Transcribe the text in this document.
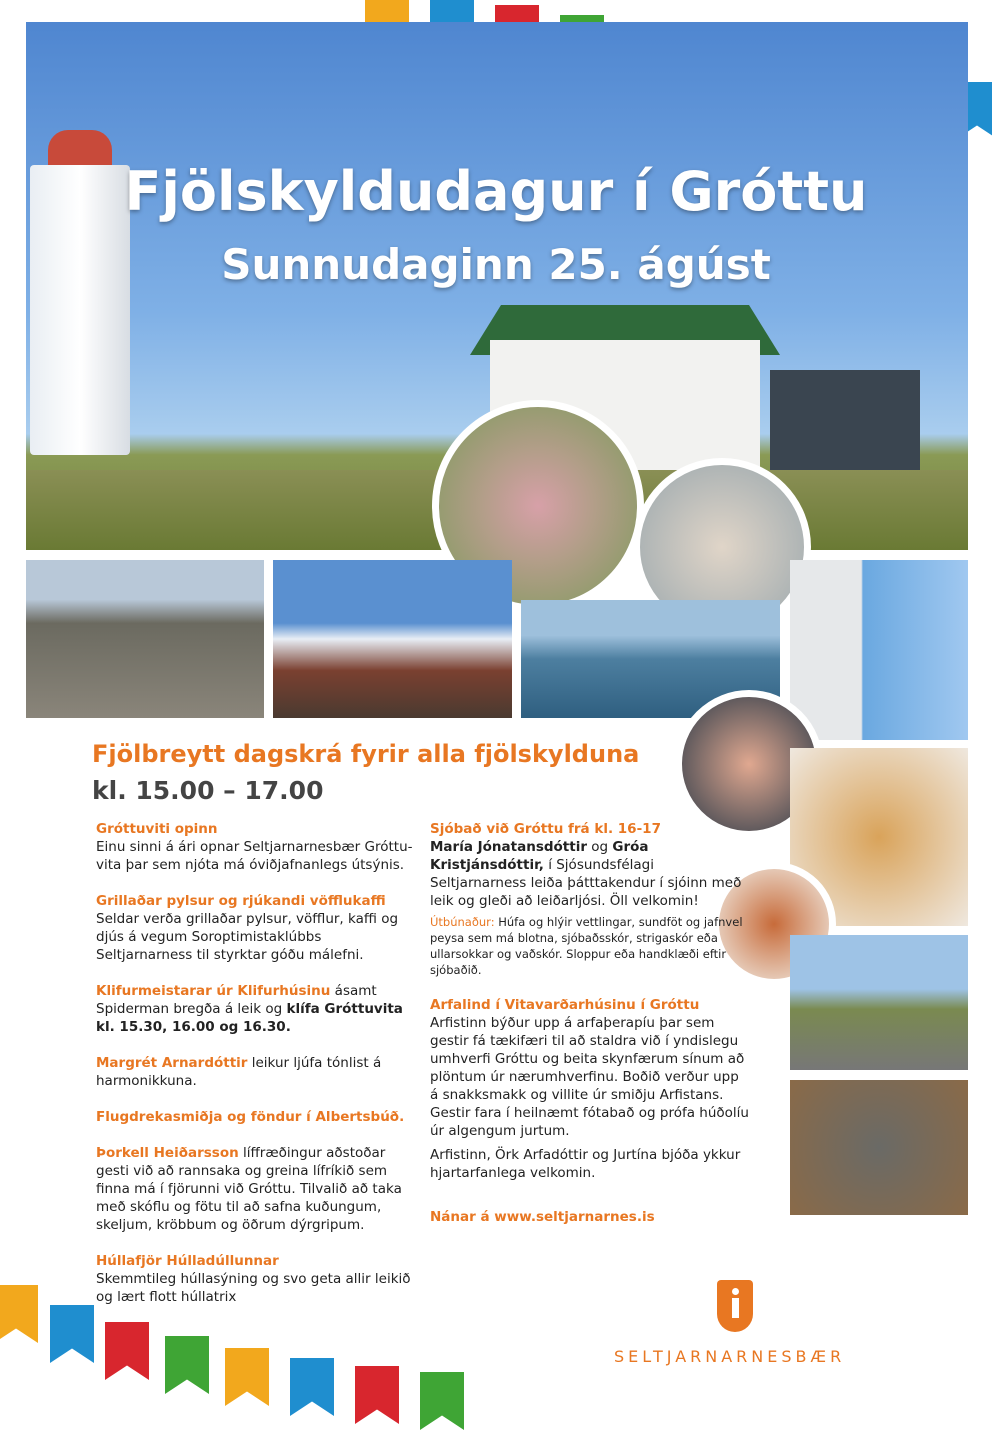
Fjölskyldudagur í Gróttu
Sunnudaginn 25. ágúst
Fjölbreytt dagskrá fyrir alla fjölskylduna
kl. 15.00 – 17.00

Gróttuviti opinn
Einu sinni á ári opnar Seltjarnarnesbær Gróttu-vita þar sem njóta má óviðjafnanlegs útsýnis.

Grillaðar pylsur og rjúkandi vöfflukaffi
Seldar verða grillaðar pylsur, vöfflur, kaffi og djús á vegum Soroptimistaklúbbs Seltjarnarness til styrktar góðu málefni.

Klifurmeistarar úr Klifurhúsinu ásamt Spiderman bregða á leik og klífa Gróttuvita kl. 15.30, 16.00 og 16.30.

Margrét Arnardóttir leikur ljúfa tónlist á harmonikkuna.

Flugdrekasmiðja og föndur í Albertsbúð.

Þorkell Heiðarsson líffræðingur aðstoðar gesti við að rannsaka og greina lífríkið sem finna má í fjörunni við Gróttu. Tilvalið að taka með skóflu og fötu til að safna kuðungum, skeljum, kröbbum og öðrum dýrgripum.

Húllafjör Húlladúllunnar
Skemmtileg húllasýning og svo geta allir leikið og lært flott húllatrix

Sjóbað við Gróttu frá kl. 16-17
María Jónatansdóttir og Gróa Kristjánsdóttir, í Sjósundsfélagi Seltjarnarness leiða þátttakendur í sjóinn með leik og gleði að leiðarljósi. Öll velkomin!

Útbúnaður: Húfa og hlýir vettlingar, sundföt og jafnvel peysa sem má blotna, sjóbaðsskór, strigaskór eða ullarsokkar og vaðskór. Sloppur eða handklæði eftir sjóbaðið.

Arfalind í Vitavarðarhúsinu í Gróttu
Arfistinn býður upp á arfaþerapíu þar sem gestir fá tækifæri til að staldra við í yndislegu umhverfi Gróttu og beita skynfærum sínum að plöntum úr nærumhverfinu. Boðið verður upp á snakksmakk og villite úr smiðju Arfistans. Gestir fara í heilnæmt fótabað og prófa húðolíu úr algengum jurtum.

Arfistinn, Örk Arfadóttir og Jurtína bjóða ykkur hjartarfanlega velkomin.

Nánar á www.seltjarnarnes.is

SELTJARNARNESBÆR
